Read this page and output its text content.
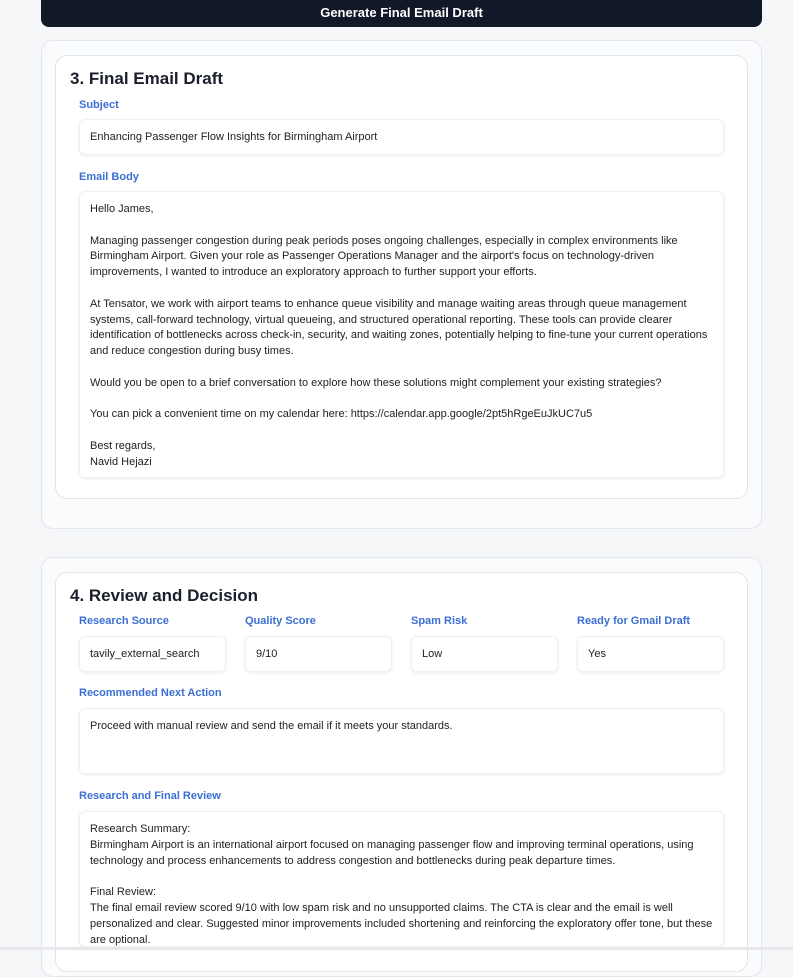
Generate Final Email Draft
3. Final Email Draft
Subject
Enhancing Passenger Flow Insights for Birmingham Airport
Email Body
Hello James,

Managing passenger congestion during peak periods poses ongoing challenges, especially in complex environments like Birmingham Airport. Given your role as Passenger Operations Manager and the airport's focus on technology-driven improvements, I wanted to introduce an exploratory approach to further support your efforts.

At Tensator, we work with airport teams to enhance queue visibility and manage waiting areas through queue management systems, call-forward technology, virtual queueing, and structured operational reporting. These tools can provide clearer identification of bottlenecks across check-in, security, and waiting zones, potentially helping to fine-tune your current operations and reduce congestion during busy times.

Would you be open to a brief conversation to explore how these solutions might complement your existing strategies?

You can pick a convenient time on my calendar here: https://calendar.app.google/2pt5hRgeEuJkUC7u5

Best regards,
Navid Hejazi
4. Review and Decision
Research Source
tavily_external_search
Quality Score
9/10
Spam Risk
Low
Ready for Gmail Draft
Yes
Recommended Next Action
Proceed with manual review and send the email if it meets your standards.
Research and Final Review
Research Summary:
Birmingham Airport is an international airport focused on managing passenger flow and improving terminal operations, using technology and process enhancements to address congestion and bottlenecks during peak departure times.

Final Review:
The final email review scored 9/10 with low spam risk and no unsupported claims. The CTA is clear and the email is well personalized and clear. Suggested minor improvements included shortening and reinforcing the exploratory offer tone, but these are optional.
